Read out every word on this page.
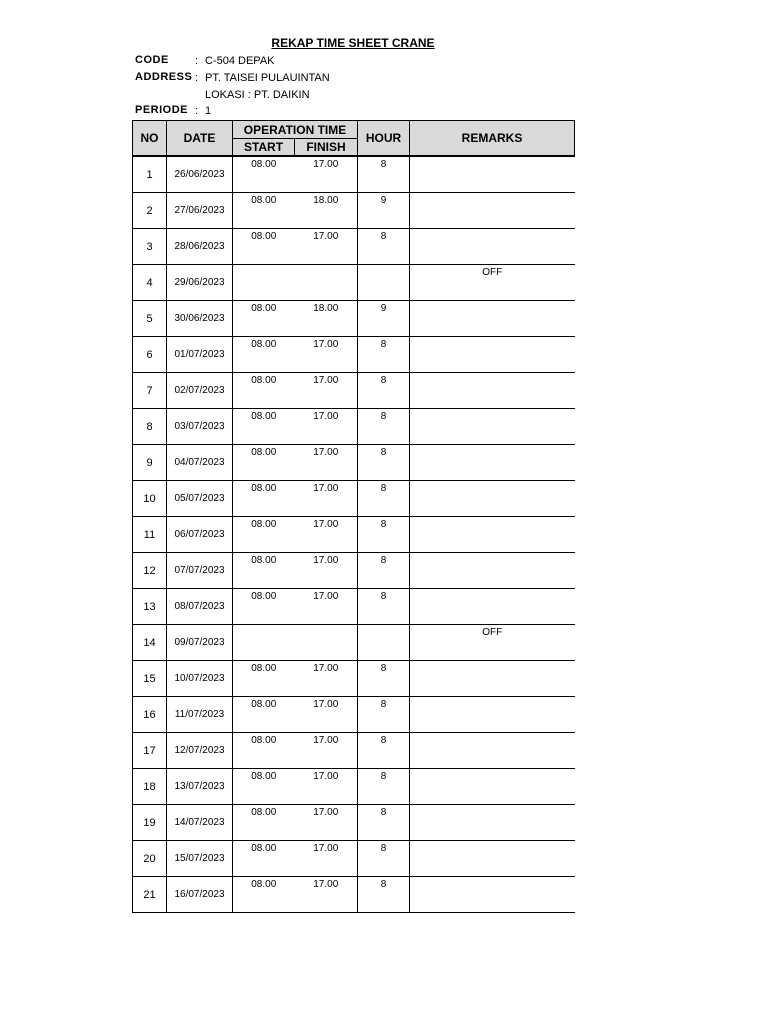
REKAP TIME SHEET CRANE
CODE : C-504 DEPAK
ADDRESS : PT. TAISEI PULAUINTAN
LOKASI : PT. DAIKIN
PERIODE : 1
NO	DATE	OPERATION TIME		HOUR	REMARKS
		START	FINISH		
1	26/06/2023	08.00	17.00	8	
2	27/06/2023	08.00	18.00	9	
3	28/06/2023	08.00	17.00	8	
4	29/06/2023				OFF
5	30/06/2023	08.00	18.00	9	
6	01/07/2023	08.00	17.00	8	
7	02/07/2023	08.00	17.00	8	
8	03/07/2023	08.00	17.00	8	
9	04/07/2023	08.00	17.00	8	
10	05/07/2023	08.00	17.00	8	
11	06/07/2023	08.00	17.00	8	
12	07/07/2023	08.00	17.00	8	
13	08/07/2023	08.00	17.00	8	
14	09/07/2023				OFF
15	10/07/2023	08.00	17.00	8	
16	11/07/2023	08.00	17.00	8	
17	12/07/2023	08.00	17.00	8	
18	13/07/2023	08.00	17.00	8	
19	14/07/2023	08.00	17.00	8	
20	15/07/2023	08.00	17.00	8	
21	16/07/2023	08.00	17.00	8	
